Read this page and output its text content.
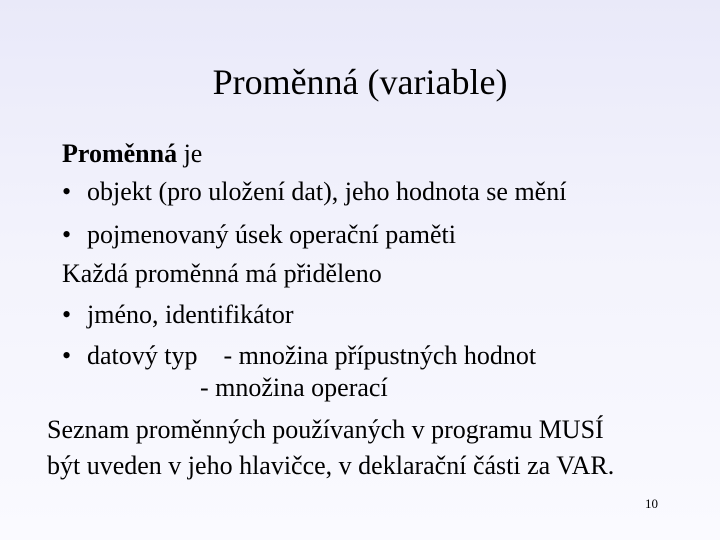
Proměnná (variable)
Proměnná je
• objekt (pro uložení dat), jeho hodnota se mění
• pojmenovaný úsek operační paměti
Každá proměnná má přiděleno
• jméno, identifikátor
• datový typ    - množina přípustných hodnot
- množina operací
Seznam proměnných používaných v programu MUSÍ
být uveden v jeho hlavičce, v deklarační části za VAR.
10
